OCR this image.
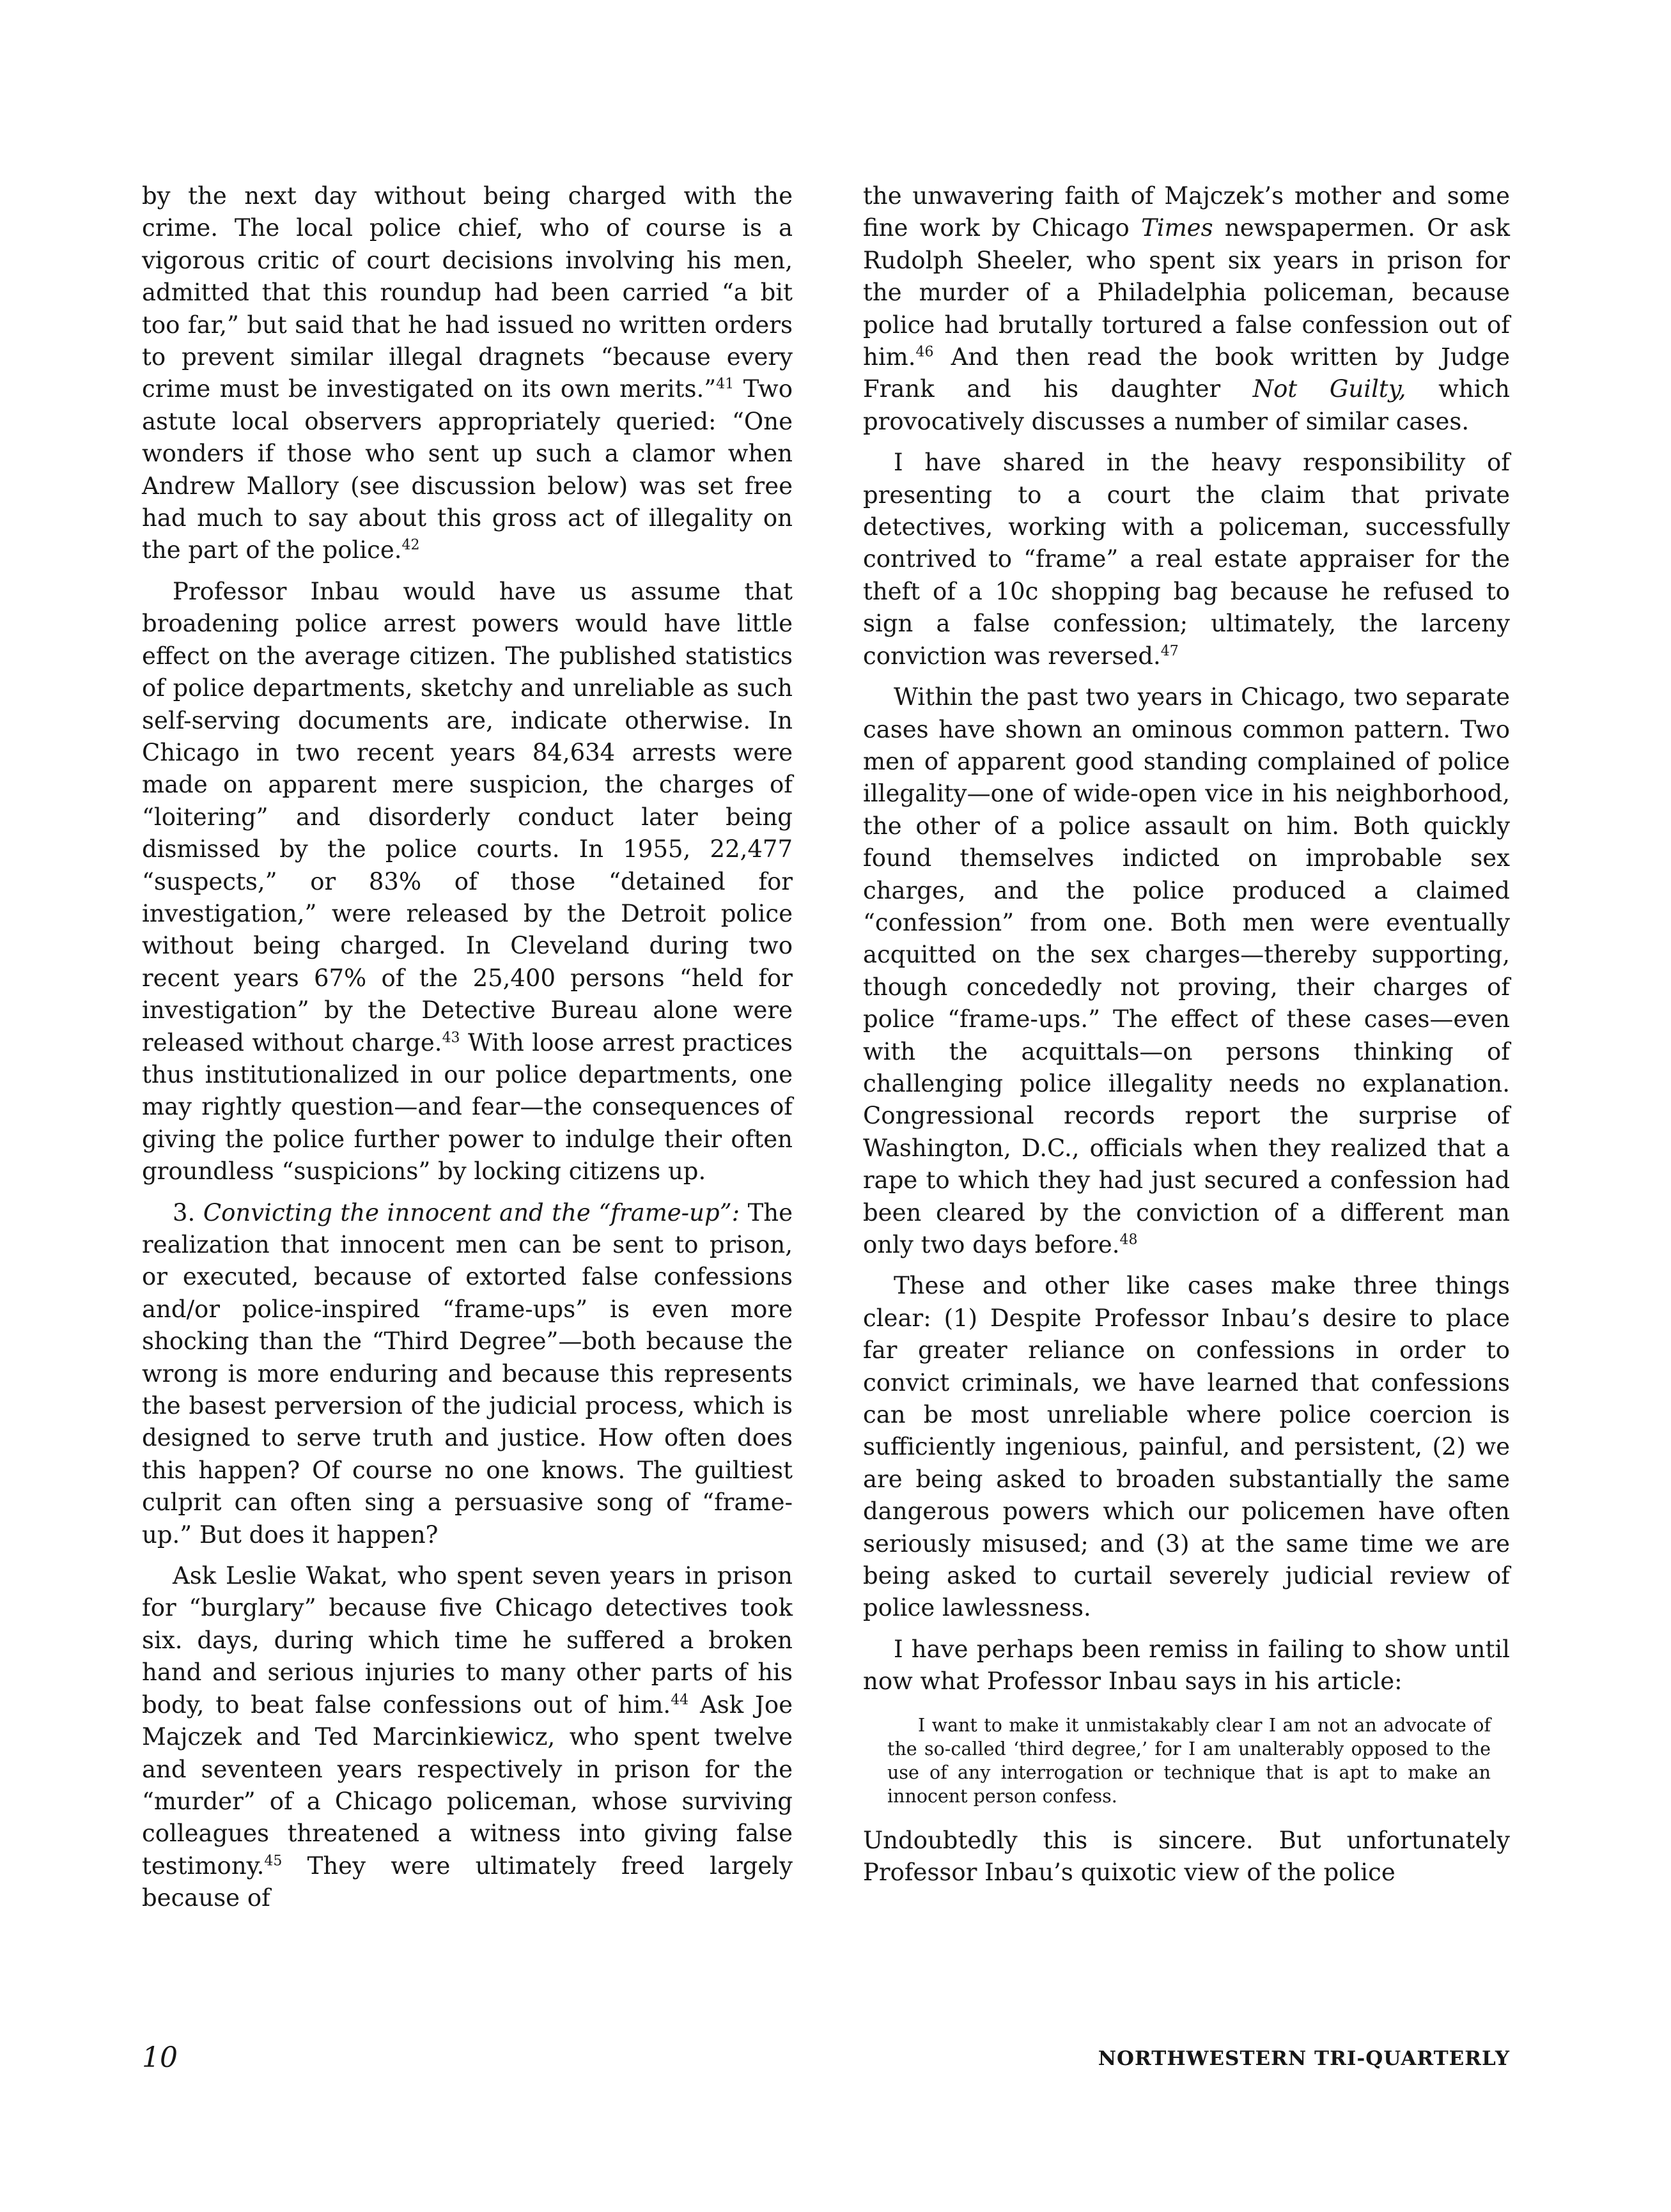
by the next day without being charged with the crime. The local police chief, who of course is a vigorous critic of court decisions involving his men, admitted that this roundup had been carried “a bit too far,” but said that he had issued no written orders to prevent similar illegal dragnets “because every crime must be investigated on its own merits.”$^{41}$ Two astute local observers appropriately queried: “One wonders if those who sent up such a clamor when Andrew Mallory (see discussion below) was set free had much to say about this gross act of illegality on the part of the police.$^{42}$

Professor Inbau would have us assume that broadening police arrest powers would have little effect on the average citizen. The published statistics of police departments, sketchy and unreliable as such self-serving documents are, indicate otherwise. In Chicago in two recent years 84,634 arrests were made on apparent mere suspicion, the charges of “loitering” and disorderly conduct later being dismissed by the police courts. In 1955, 22,477 “suspects,” or 83% of those “detained for investigation,” were released by the Detroit police without being charged. In Cleveland during two recent years 67% of the 25,400 persons “held for investigation” by the Detective Bureau alone were released without charge.$^{43}$ With loose arrest practices thus institutionalized in our police departments, one may rightly question—and fear—the consequences of giving the police further power to indulge their often groundless “suspicions” by locking citizens up.

3. Convicting the innocent and the “frame-up”: The realization that innocent men can be sent to prison, or executed, because of extorted false confessions and/or police-inspired “frame-ups” is even more shocking than the “Third Degree”—both because the wrong is more enduring and because this represents the basest perversion of the judicial process, which is designed to serve truth and justice. How often does this happen? Of course no one knows. The guiltiest culprit can often sing a persuasive song of “frame-up.” But does it happen?

Ask Leslie Wakat, who spent seven years in prison for “burglary” because five Chicago detectives took six. days, during which time he suffered a broken hand and serious injuries to many other parts of his body, to beat false confessions out of him.$^{44}$ Ask Joe Majczek and Ted Marcinkiewicz, who spent twelve and seventeen years respectively in prison for the “murder” of a Chicago policeman, whose surviving colleagues threatened a witness into giving false testimony.$^{45}$ They were ultimately freed largely because of

the unwavering faith of Majczek’s mother and some fine work by Chicago Times newspapermen. Or ask Rudolph Sheeler, who spent six years in prison for the murder of a Philadelphia policeman, because police had brutally tortured a false confession out of him.$^{46}$ And then read the book written by Judge Frank and his daughter Not Guilty, which provocatively discusses a number of similar cases.

I have shared in the heavy responsibility of presenting to a court the claim that private detectives, working with a policeman, successfully contrived to “frame” a real estate appraiser for the theft of a 10c shopping bag because he refused to sign a false confession; ultimately, the larceny conviction was reversed.$^{47}$

Within the past two years in Chicago, two separate cases have shown an ominous common pattern. Two men of apparent good standing complained of police illegality—one of wide-open vice in his neighborhood, the other of a police assault on him. Both quickly found themselves indicted on improbable sex charges, and the police produced a claimed “confession” from one. Both men were eventually acquitted on the sex charges—thereby supporting, though concededly not proving, their charges of police “frame-ups.” The effect of these cases—even with the acquittals—on persons thinking of challenging police illegality needs no explanation. Congressional records report the surprise of Washington, D.C., officials when they realized that a rape to which they had just secured a confession had been cleared by the conviction of a different man only two days before.$^{48}$

These and other like cases make three things clear: (1) Despite Professor Inbau’s desire to place far greater reliance on confessions in order to convict criminals, we have learned that confessions can be most unreliable where police coercion is sufficiently ingenious, painful, and persistent, (2) we are being asked to broaden substantially the same dangerous powers which our policemen have often seriously misused; and (3) at the same time we are being asked to curtail severely judicial review of police lawlessness.

I have perhaps been remiss in failing to show until now what Professor Inbau says in his article:

I want to make it unmistakably clear I am not an advocate of the so-called ‘third degree,’ for I am unalterably opposed to the use of any interrogation or technique that is apt to make an innocent person confess.

Undoubtedly this is sincere. But unfortunately Professor Inbau’s quixotic view of the police

10	NORTHWESTERN TRI-QUARTERLY
